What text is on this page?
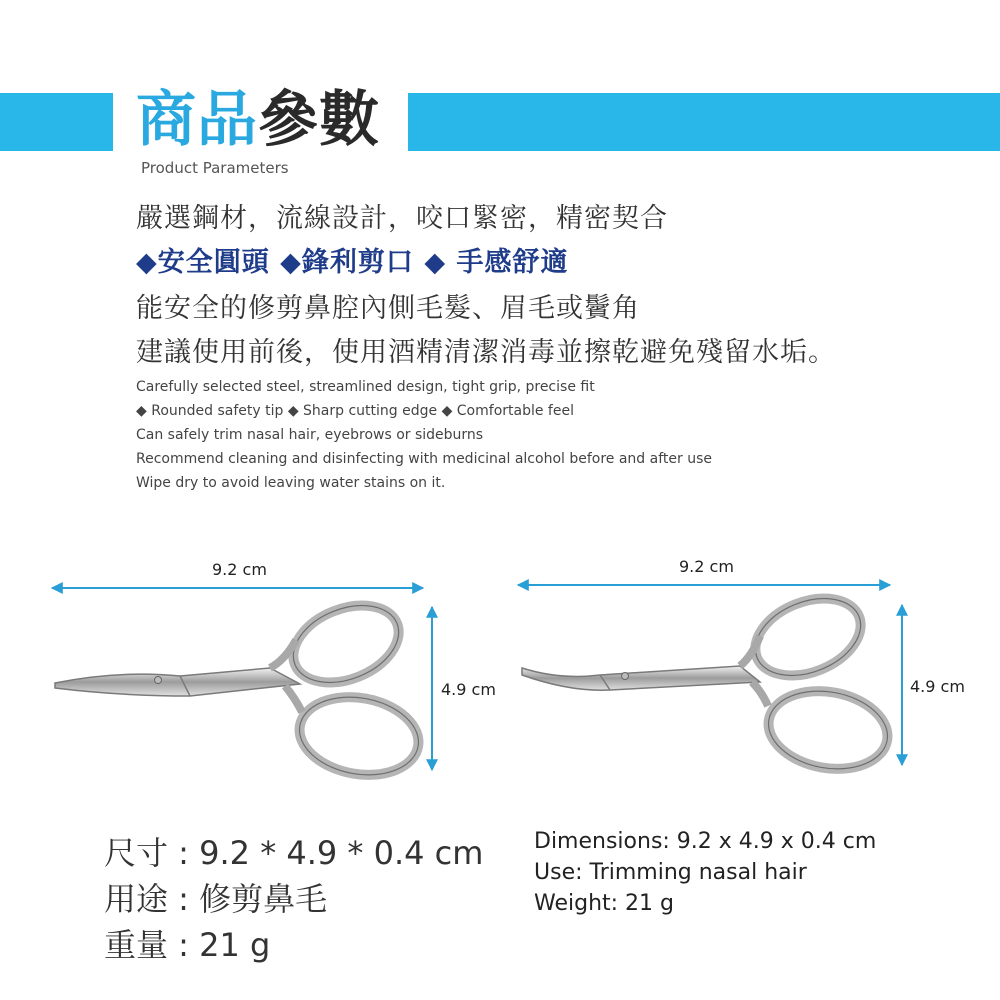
商品參數
Product Parameters
嚴選鋼材，流線設計，咬口緊密，精密契合
◆安全圓頭 ◆鋒利剪口 ◆ 手感舒適
能安全的修剪鼻腔內側毛髮、眉毛或鬢角
建議使用前後，使用酒精清潔消毒並擦乾避免殘留水垢。
Carefully selected steel, streamlined design, tight grip, precise fit
◆ Rounded safety tip ◆ Sharp cutting edge ◆ Comfortable feel
Can safely trim nasal hair, eyebrows or sideburns
Recommend cleaning and disinfecting with medicinal alcohol before and after use
Wipe dry to avoid leaving water stains on it.
9.2 cm
4.9 cm
9.2 cm
4.9 cm
尺寸 : 9.2 * 4.9 * 0.4 cm
用途 : 修剪鼻毛
重量 : 21 g
Dimensions: 9.2 x 4.9 x 0.4 cm
Use: Trimming nasal hair
Weight: 21 g
